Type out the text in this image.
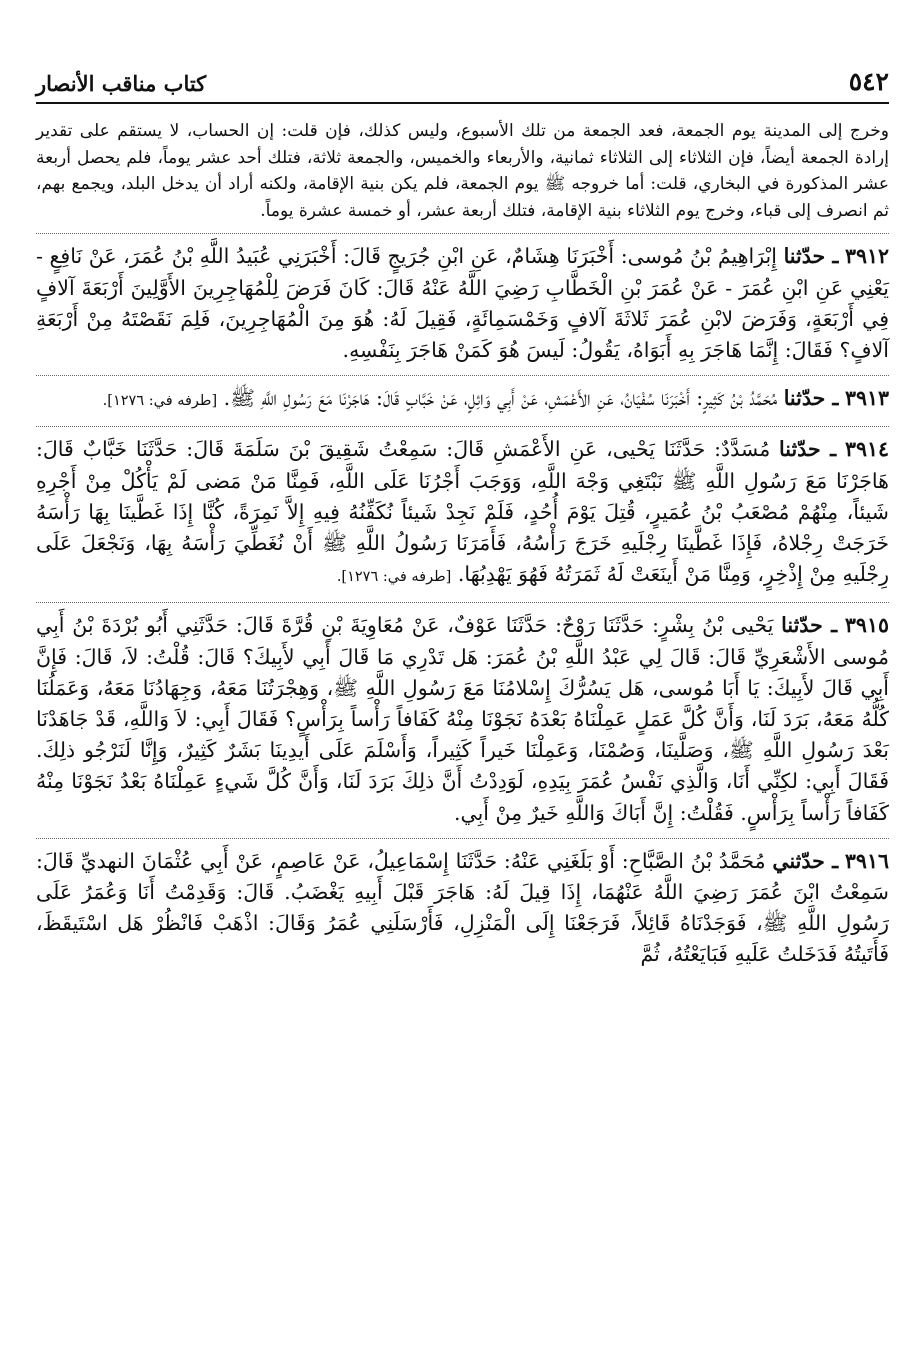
٥٤٢
كتاب مناقب الأنصار

وخرج إلى المدينة يوم الجمعة، فعد الجمعة من تلك الأسبوع، وليس كذلك، فإن قلت: إن الحساب، لا يستقم على تقدير إرادة الجمعة أيضاً، فإن الثلاثاء إلى الثلاثاء ثمانية، والأربعاء والخميس، والجمعة ثلاثة، فتلك أحد عشر يوماً، فلم يحصل أربعة عشر المذكورة في البخاري، قلت: أما خروجه ﷺ يوم الجمعة، فلم يكن بنية الإقامة، ولكنه أراد أن يدخل البلد، ويجمع بهم، ثم انصرف إلى قباء، وخرج يوم الثلاثاء بنية الإقامة، فتلك أربعة عشر، أو خمسة عشرة يوماً.

٣٩١٢ ـ حدّثنا إِبْرَاهِيمُ بْنُ مُوسى: أَخْبَرَنَا هِشَامٌ، عَنِ ابْنِ جُرَيجٍ قَالَ: أَخْبَرَنِي عُبَيدُ اللَّهِ بْنُ عُمَرَ، عَنْ نَافِعٍ - يَعْنِي عَنِ ابْنِ عُمَرَ - عَنْ عُمَرَ بْنِ الْخَطَّابِ رَضِيَ اللَّهُ عَنْهُ قَالَ: كَانَ فَرَضَ لِلْمُهَاجِرِينَ الأَوَّلِينَ أَرْبَعَةَ آلافٍ فِي أَرْبَعَةٍ، وَفَرَضَ لابْنِ عُمَرَ ثَلاثَةَ آلافٍ وَخَمْسَمِائَةٍ، فَقِيلَ لَهُ: هُوَ مِنَ الْمُهَاجِرِينَ، فَلِمَ نَقَصْتَهُ مِنْ أَرْبَعَةِ آلافٍ؟ فَقَالَ: إِنَّمَا هَاجَرَ بِهِ أَبَوَاهُ، يَقُولُ: لَيسَ هُوَ كَمَنْ هَاجَرَ بِنَفْسِهِ.

٣٩١٣ ـ حدّثنا مُحَمَّدُ بْنُ كَثِيرٍ: أَخْبَرَنَا سُفْيَانُ، عَنِ الأَعْمَشِ، عَنْ أَبِي وَائِلٍ، عَنْ خَبَّابٍ قَالَ: هَاجَرْنَا مَعَ رَسُولِ اللَّهِ ﷺ. [طرفه في: ١٢٧٦].

٣٩١٤ ـ حدّثنا مُسَدَّدٌ: حَدَّثَنَا يَحْيى، عَنِ الأَعْمَشِ قَالَ: سَمِعْتُ شَقِيقَ بْنَ سَلَمَةَ قَالَ: حَدَّثَنَا خَبَّابٌ قَالَ: هَاجَرْنَا مَعَ رَسُولِ اللَّهِ ﷺ نَبْتَغِي وَجْهَ اللَّهِ، وَوَجَبَ أَجْرُنَا عَلَى اللَّهِ، فَمِنَّا مَنْ مَضى لَمْ يَأْكُلْ مِنْ أَجْرِهِ شَيئاً، مِنْهُمْ مُصْعَبُ بْنُ عُمَيرٍ، قُتِلَ يَوْمَ أُحُدٍ، فَلَمْ نَجِدْ شَيئاً نُكَفِّنُهُ فِيهِ إِلاَّ نَمِرَةً، كُنَّا إِذَا غَطَّينَا بِهَا رَأْسَهُ خَرَجَتْ رِجْلاهُ، فَإِذَا غَطَّينَا رِجْلَيهِ خَرَجَ رَأْسُهُ، فَأَمَرَنَا رَسُولُ اللَّهِ ﷺ أَنْ نُغَطِّيَ رَأْسَهُ بِهَا، وَنَجْعَلَ عَلَى رِجْلَيهِ مِنْ إِذْخِرٍ، وَمِنَّا مَنْ أَينَعَتْ لَهُ ثَمَرَتُهُ فَهُوَ يَهْدِبُهَا. [طرفه في: ١٢٧٦].

٣٩١٥ ـ حدّثنا يَحْيى بْنُ بِشْرٍ: حَدَّثَنَا رَوْحٌ: حَدَّثَنَا عَوْفٌ، عَنْ مُعَاوِيَةَ بْنِ قُرَّةَ قَالَ: حَدَّثَنِي أَبُو بُرْدَةَ بْنُ أَبِي مُوسى الأَشْعَرِيِّ قَالَ: قَالَ لِي عَبْدُ اللَّهِ بْنُ عُمَرَ: هَل تَدْرِي مَا قَالَ أَبِي لأَبِيكَ؟ قَالَ: قُلْتُ: لاَ، قَالَ: فَإِنَّ أَبِي قَالَ لأَبِيكَ: يَا أَبَا مُوسى، هَل يَسُرُّكَ إِسْلامُنَا مَعَ رَسُولِ اللَّهِ ﷺ، وَهِجْرَتُنَا مَعَهُ، وَجِهَادُنَا مَعَهُ، وَعَمَلُنَا كُلُّهُ مَعَهُ، بَرَدَ لَنَا، وَأَنَّ كُلَّ عَمَلٍ عَمِلْنَاهُ بَعْدَهُ نَجَوْنَا مِنْهُ كَفَافاً رَأْساً بِرَأْسٍ؟ فَقَالَ أَبِي: لاَ وَاللَّهِ، قَدْ جَاهَدْنَا بَعْدَ رَسُولِ اللَّهِ ﷺ، وَصَلَّينَا، وَصُمْنَا، وَعَمِلْنَا خَيراً كَثِيراً، وَأَسْلَمَ عَلَى أَيدِينَا بَشَرٌ كَثِيرٌ، وَإِنَّا لَنَرْجُو ذلِكَ. فَقَالَ أَبِي: لكِنِّي أَنَا، وَالَّذِي نَفْسُ عُمَرَ بِيَدِهِ، لَوَدِدْتُ أَنَّ ذلِكَ بَرَدَ لَنَا، وَأَنَّ كُلَّ شَيءٍ عَمِلْنَاهُ بَعْدُ نَجَوْنَا مِنْهُ كَفَافاً رَأْساً بِرَأْسٍ. فَقُلْتُ: إِنَّ أَبَاكَ وَاللَّهِ خَيرٌ مِنْ أَبِي.

٣٩١٦ ـ حدّثني مُحَمَّدُ بْنُ الصَّبَّاحِ: أَوْ بَلَغَنِي عَنْهُ: حَدَّثَنَا إِسْمَاعِيلُ، عَنْ عَاصِمٍ، عَنْ أَبِي عُثْمَانَ النهديِّ قَالَ: سَمِعْتُ ابْنَ عُمَرَ رَضِيَ اللَّهُ عَنْهُمَا، إِذَا قِيلَ لَهُ: هَاجَرَ قَبْلَ أَبِيهِ يَغْضَبُ. قَالَ: وَقَدِمْتُ أَنَا وَعُمَرُ عَلَى رَسُولِ اللَّهِ ﷺ، فَوَجَدْنَاهُ قَائِلاً، فَرَجَعْنَا إِلَى الْمَنْزِلِ، فَأَرْسَلَنِي عُمَرُ وَقَالَ: اذْهَبْ فَانْظُرْ هَل اسْتَيقَظَ، فَأَتَيتُهُ فَدَخَلتُ عَلَيهِ فَبَايَعْتُهُ، ثُمَّ
